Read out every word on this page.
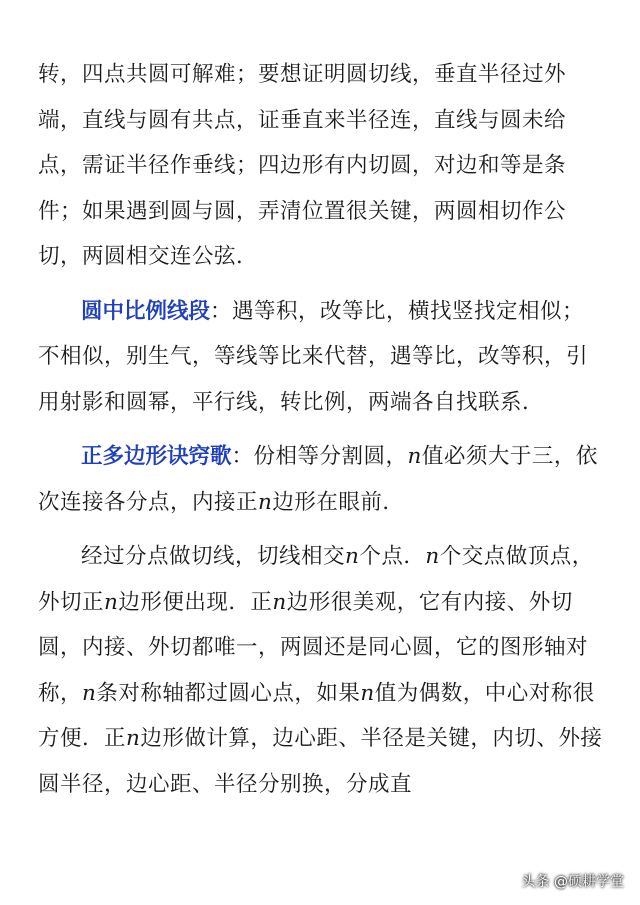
转，四点共圆可解难；要想证明圆切线，垂直半径过外端，直线与圆有共点，证垂直来半径连，直线与圆未给点，需证半径作垂线；四边形有内切圆，对边和等是条件；如果遇到圆与圆，弄清位置很关键，两圆相切作公切，两圆相交连公弦．

圆中比例线段：遇等积，改等比，横找竖找定相似；不相似，别生气，等线等比来代替，遇等比，改等积，引用射影和圆幂，平行线，转比例，两端各自找联系．

正多边形诀窍歌：份相等分割圆，n值必须大于三，依次连接各分点，内接正n边形在眼前．

经过分点做切线，切线相交n个点．n个交点做顶点，外切正n边形便出现．正n边形很美观，它有内接、外切圆，内接、外切都唯一，两圆还是同心圆，它的图形轴对称，n条对称轴都过圆心点，如果n值为偶数，中心对称很方便．正n边形做计算，边心距、半径是关键，内切、外接圆半径，边心距、半径分别换，分成直

头条 @硕耕学堂
